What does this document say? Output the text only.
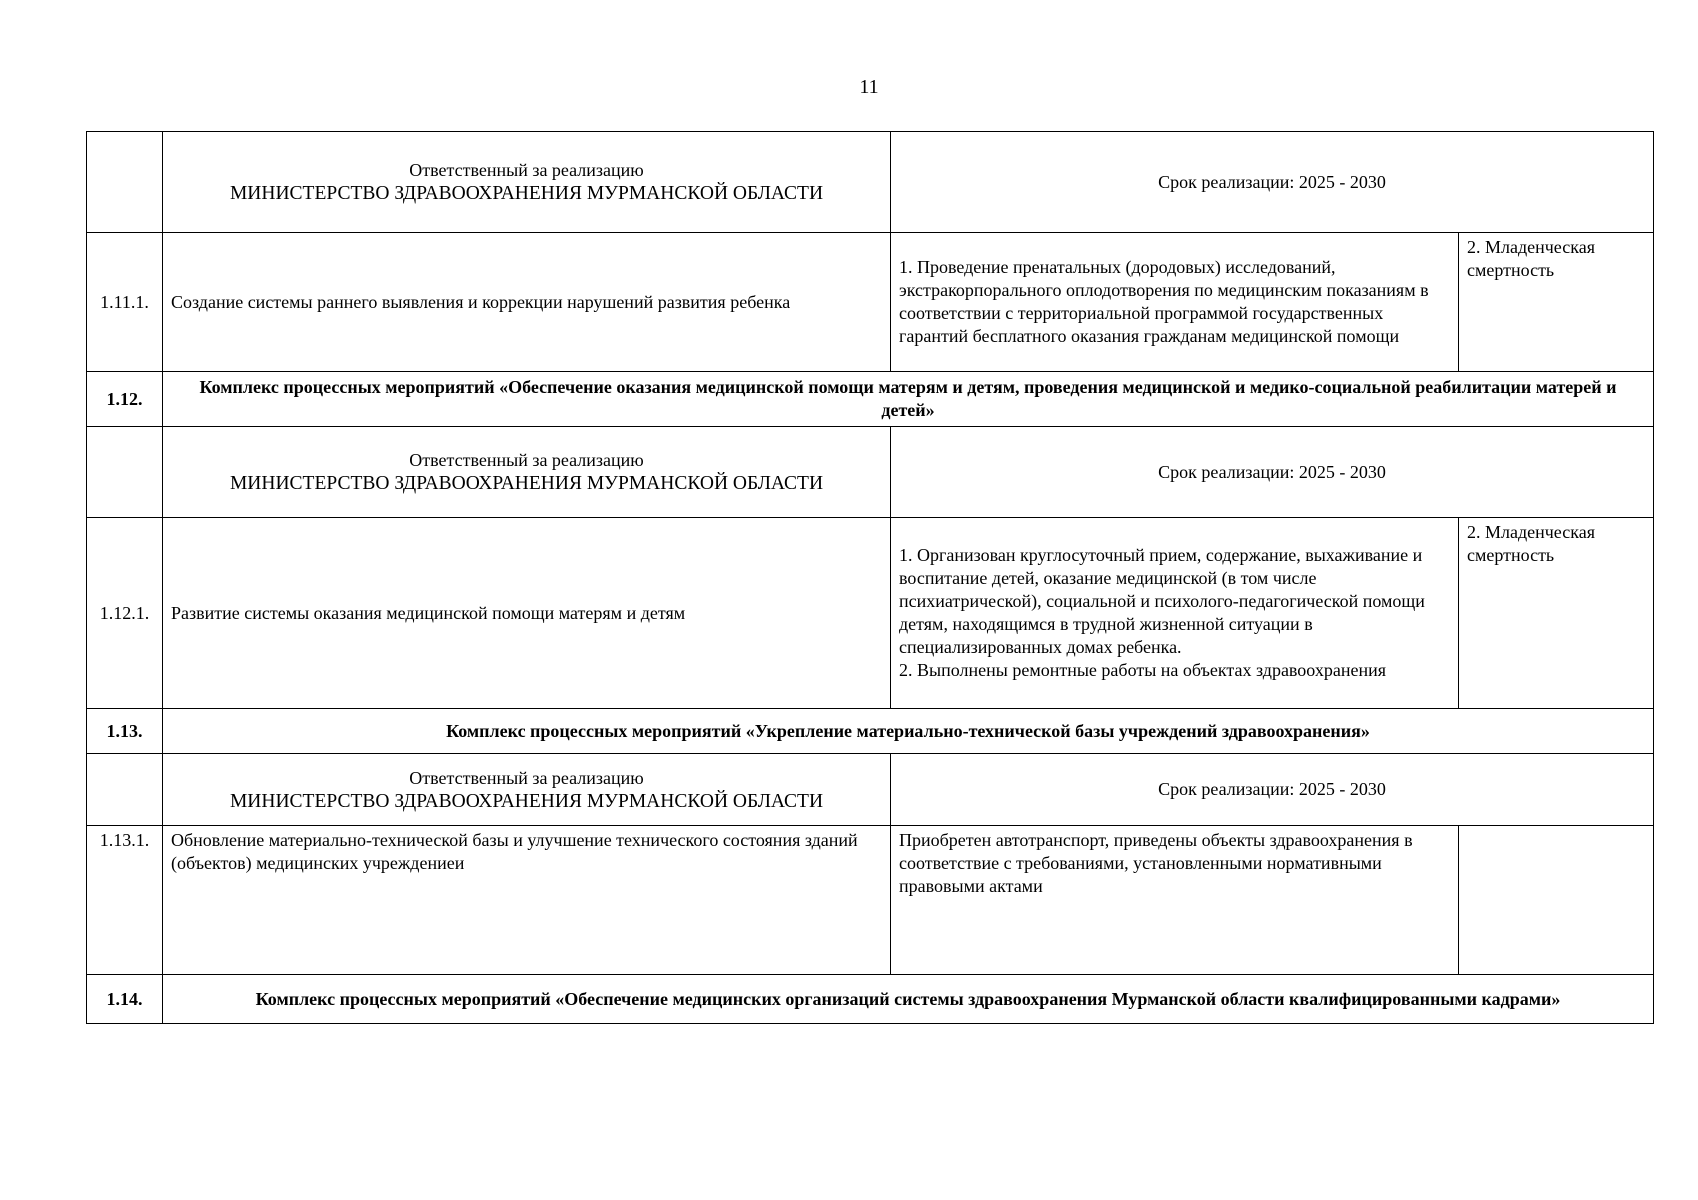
11

	Ответственный за реализацию
МИНИСТЕРСТВО ЗДРАВООХРАНЕНИЯ МУРМАНСКОЙ ОБЛАСТИ	Срок реализации: 2025 - 2030	
1.11.1.	Создание системы раннего выявления и коррекции нарушений развития ребенка	1. Проведение пренатальных (дородовых) исследований, экстракорпорального оплодотворения по медицинским показаниям в соответствии с территориальной программой государственных гарантий бесплатного оказания гражданам медицинской помощи	2. Младенческая смертность
1.12.	Комплекс процессных мероприятий «Обеспечение оказания медицинской помощи матерям и детям, проведения медицинской и медико-социальной реабилитации матерей и детей»		

	Ответственный за реализацию
МИНИСТЕРСТВО ЗДРАВООХРАНЕНИЯ МУРМАНСКОЙ ОБЛАСТИ	Срок реализации: 2025 - 2030	
1.12.1.	Развитие системы оказания медицинской помощи матерям и детям	1. Организован круглосуточный прием, содержание, выхаживание и воспитание детей, оказание медицинской (в том числе психиатрической), социальной и психолого-педагогической помощи детям, находящимся в трудной жизненной ситуации в специализированных домах ребенка.
2. Выполнены ремонтные работы на объектах здравоохранения	2. Младенческая смертность
1.13.	Комплекс процессных мероприятий «Укрепление материально-технической базы учреждений здравоохранения»		

	Ответственный за реализацию
МИНИСТЕРСТВО ЗДРАВООХРАНЕНИЯ МУРМАНСКОЙ ОБЛАСТИ	Срок реализации: 2025 - 2030	
1.13.1.	Обновление материально-технической базы и улучшение технического состояния зданий (объектов) медицинских учреждениеи	Приобретен автотранспорт, приведены объекты здравоохранения в соответствие с требованиями, установленными нормативными правовыми актами	
1.14.	Комплекс процессных мероприятий «Обеспечение медицинских организаций системы здравоохранения Мурманской области квалифицированными кадрами»		
